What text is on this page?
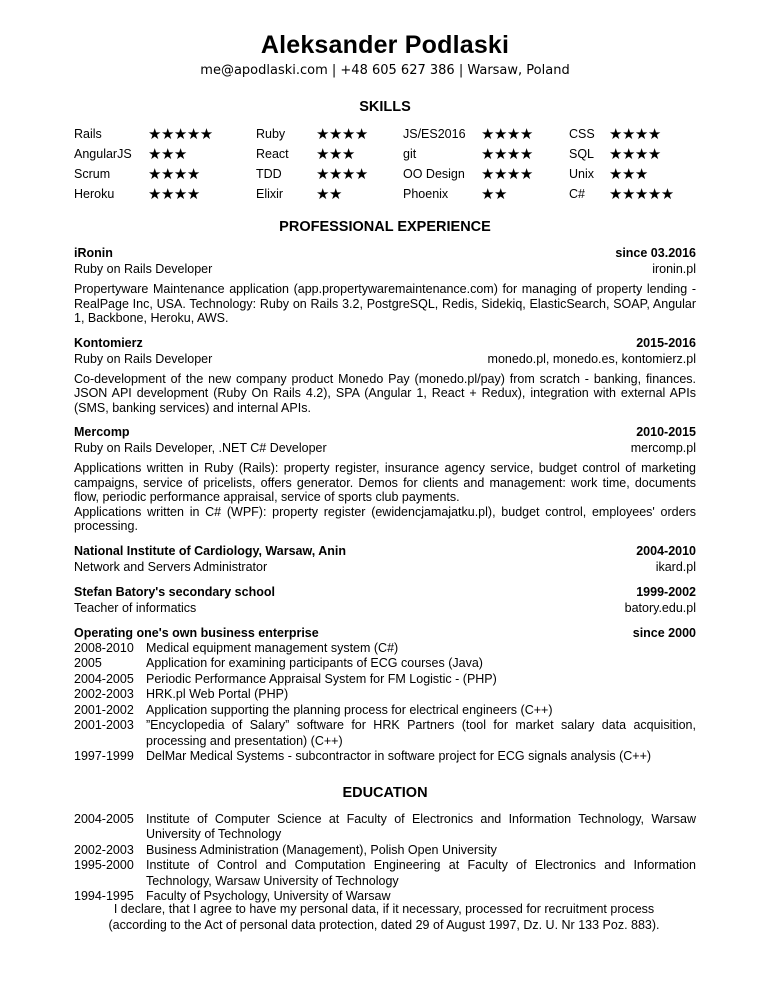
Aleksander Podlaski
me@apodlaski.com | +48 605 627 386 | Warsaw, Poland
SKILLS
Rails	★★★★★	Ruby	★★★★	JS/ES2016	★★★★	CSS ★★★★
AngularJS	★★★	React	★★★	git	★★★★	SQL ★★★★
Scrum	★★★★	TDD	★★★★	OO Design	★★★★	Unix ★★★
Heroku	★★★★	Elixir	★★	Phoenix	★★	C#	★★★★★
PROFESSIONAL EXPERIENCE
iRonin	since 03.2016
Ruby on Rails Developer	ironin.pl
Propertyware Maintenance application (app.propertywaremaintenance.com) for managing of property lending - RealPage Inc, USA. Technology: Ruby on Rails 3.2, PostgreSQL, Redis, Sidekiq, ElasticSearch, SOAP, Angular 1, Backbone, Heroku, AWS.
Kontomierz	2015-2016
Ruby on Rails Developer	monedo.pl, monedo.es, kontomierz.pl
Co-development of the new company product Monedo Pay (monedo.pl/pay) from scratch - banking, finances. JSON API development (Ruby On Rails 4.2), SPA (Angular 1, React + Redux), integration with external APIs (SMS, banking services) and internal APIs.
Mercomp	2010-2015
Ruby on Rails Developer, .NET C# Developer	mercomp.pl
Applications written in Ruby (Rails): property register, insurance agency service, budget control of marketing campaigns, service of pricelists, offers generator. Demos for clients and management: work time, documents flow, periodic performance appraisal, service of sports club payments.
Applications written in C# (WPF): property register (ewidencjamajatku.pl), budget control, employees' orders processing.
National Institute of Cardiology, Warsaw, Anin	2004-2010
Network and Servers Administrator	ikard.pl
Stefan Batory's secondary school	1999-2002
Teacher of informatics	batory.edu.pl
Operating one's own business enterprise	since 2000
2008-2010 Medical equipment management system (C#)
2005	Application for examining participants of ECG courses (Java)
2004-2005 Periodic Performance Appraisal System for FM Logistic - (PHP)
2002-2003 HRK.pl Web Portal (PHP)
2001-2002 Application supporting the planning process for electrical engineers (C++)
2001-2003 ”Encyclopedia of Salary” software for HRK Partners (tool for market salary data acquisition, processing and presentation) (C++)
1997-1999 DelMar Medical Systems - subcontractor in software project for ECG signals analysis (C++)
EDUCATION
2004-2005 Institute of Computer Science at Faculty of Electronics and Information Technology, Warsaw University of Technology
2002-2003 Business Administration (Management), Polish Open University
1995-2000 Institute of Control and Computation Engineering at Faculty of Electronics and Information Technology, Warsaw University of Technology
1994-1995 Faculty of Psychology, University of Warsaw
I declare, that I agree to have my personal data, if it necessary, processed for recruitment process
(according to the Act of personal data protection, dated 29 of August 1997, Dz. U. Nr 133 Poz. 883).
